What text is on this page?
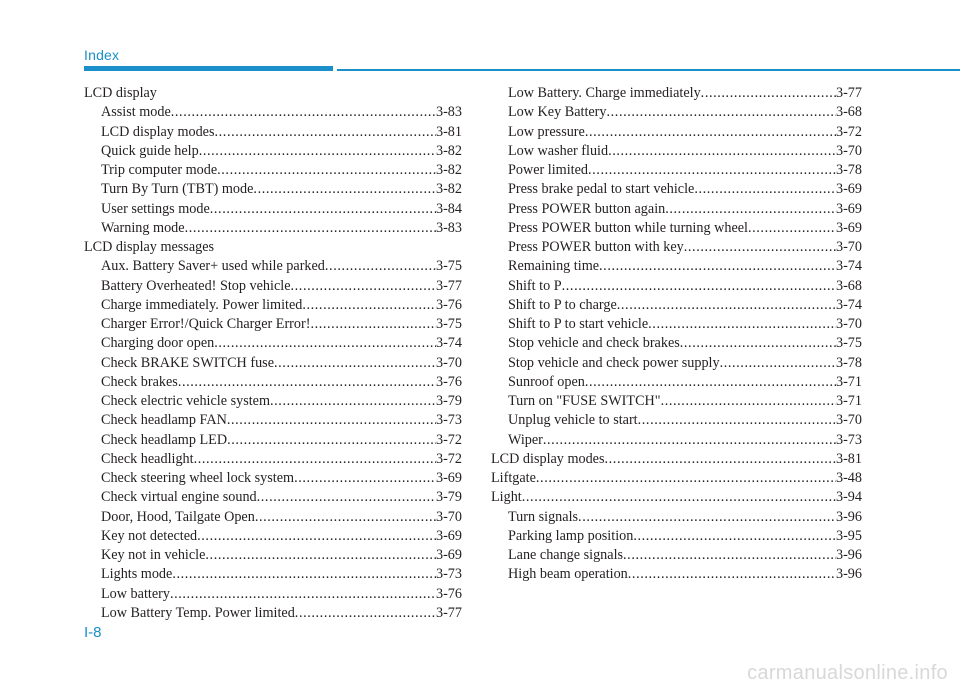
Index
LCD display
Assist mode .....	3-83
LCD display modes .....	3-81
Quick guide help .....	3-82
Trip computer mode .....	3-82
Turn By Turn (TBT) mode .....	3-82
User settings mode .....	3-84
Warning mode .....	3-83
LCD display messages
Aux. Battery Saver+ used while parked .....	3-75
Battery Overheated! Stop vehicle .....	3-77
Charge immediately. Power limited .....	3-76
Charger Error!/Quick Charger Error! .....	3-75
Charging door open .....	3-74
Check BRAKE SWITCH fuse .....	3-70
Check brakes .....	3-76
Check electric vehicle system .....	3-79
Check headlamp FAN .....	3-73
Check headlamp LED .....	3-72
Check headlight .....	3-72
Check steering wheel lock system .....	3-69
Check virtual engine sound .....	3-79
Door, Hood, Tailgate Open .....	3-70
Key not detected .....	3-69
Key not in vehicle .....	3-69
Lights mode .....	3-73
Low battery .....	3-76
Low Battery Temp. Power limited .....	3-77
Low Battery. Charge immediately .....	3-77
Low Key Battery .....	3-68
Low pressure .....	3-72
Low washer fluid .....	3-70
Power limited .....	3-78
Press brake pedal to start vehicle .....	3-69
Press POWER button again .....	3-69
Press POWER button while turning wheel .....	3-69
Press POWER button with key .....	3-70
Remaining time .....	3-74
Shift to P .....	3-68
Shift to P to charge .....	3-74
Shift to P to start vehicle .....	3-70
Stop vehicle and check brakes .....	3-75
Stop vehicle and check power supply .....	3-78
Sunroof open .....	3-71
Turn on "FUSE SWITCH" .....	3-71
Unplug vehicle to start .....	3-70
Wiper .....	3-73
LCD display modes .....	3-81
Liftgate .....	3-48
Light .....	3-94
Turn signals .....	3-96
Parking lamp position .....	3-95
Lane change signals .....	3-96
High beam operation .....	3-96
I-8
carmanualsonline.info
